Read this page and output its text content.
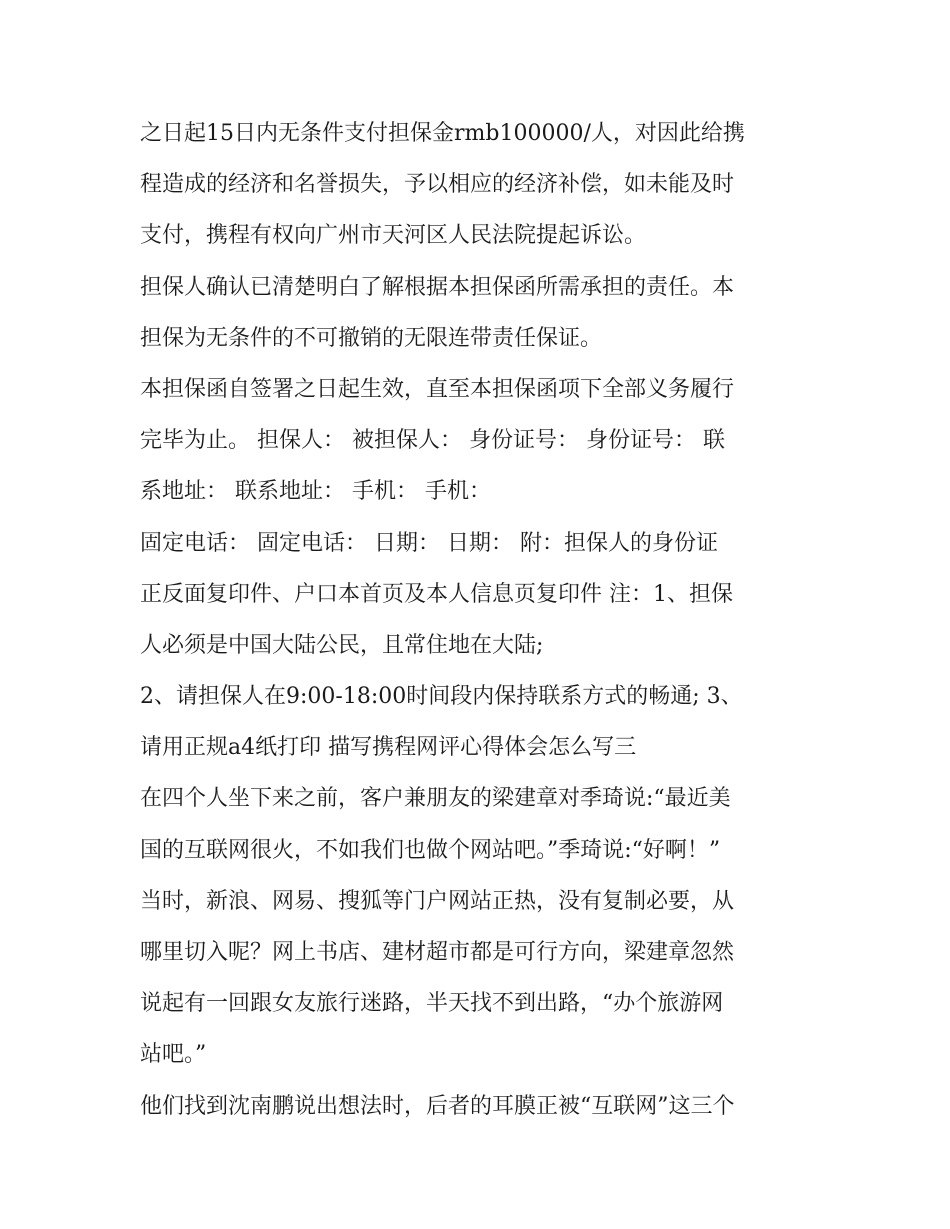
之日起15日内无条件支付担保金rmb100000/人，对因此给携
程造成的经济和名誉损失，予以相应的经济补偿，如未能及时
支付，携程有权向广州市天河区人民法院提起诉讼。
担保人确认已清楚明白了解根据本担保函所需承担的责任。本
担保为无条件的不可撤销的无限连带责任保证。
本担保函自签署之日起生效，直至本担保函项下全部义务履行
完毕为止。 担保人： 被担保人： 身份证号： 身份证号： 联
系地址： 联系地址： 手机： 手机：
固定电话： 固定电话： 日期： 日期： 附：担保人的身份证
正反面复印件、户口本首页及本人信息页复印件 注：1、担保
人必须是中国大陆公民，且常住地在大陆;
2、请担保人在9:00-18:00时间段内保持联系方式的畅通; 3、
请用正规a4纸打印 描写携程网评心得体会怎么写三
在四个人坐下来之前，客户兼朋友的梁建章对季琦说:“最近美
国的互联网很火，不如我们也做个网站吧。”季琦说:“好啊！”
当时，新浪、网易、搜狐等门户网站正热，没有复制必要，从
哪里切入呢？网上书店、建材超市都是可行方向，梁建章忽然
说起有一回跟女友旅行迷路，半天找不到出路，“办个旅游网
站吧。”
他们找到沈南鹏说出想法时，后者的耳膜正被“互联网”这三个
